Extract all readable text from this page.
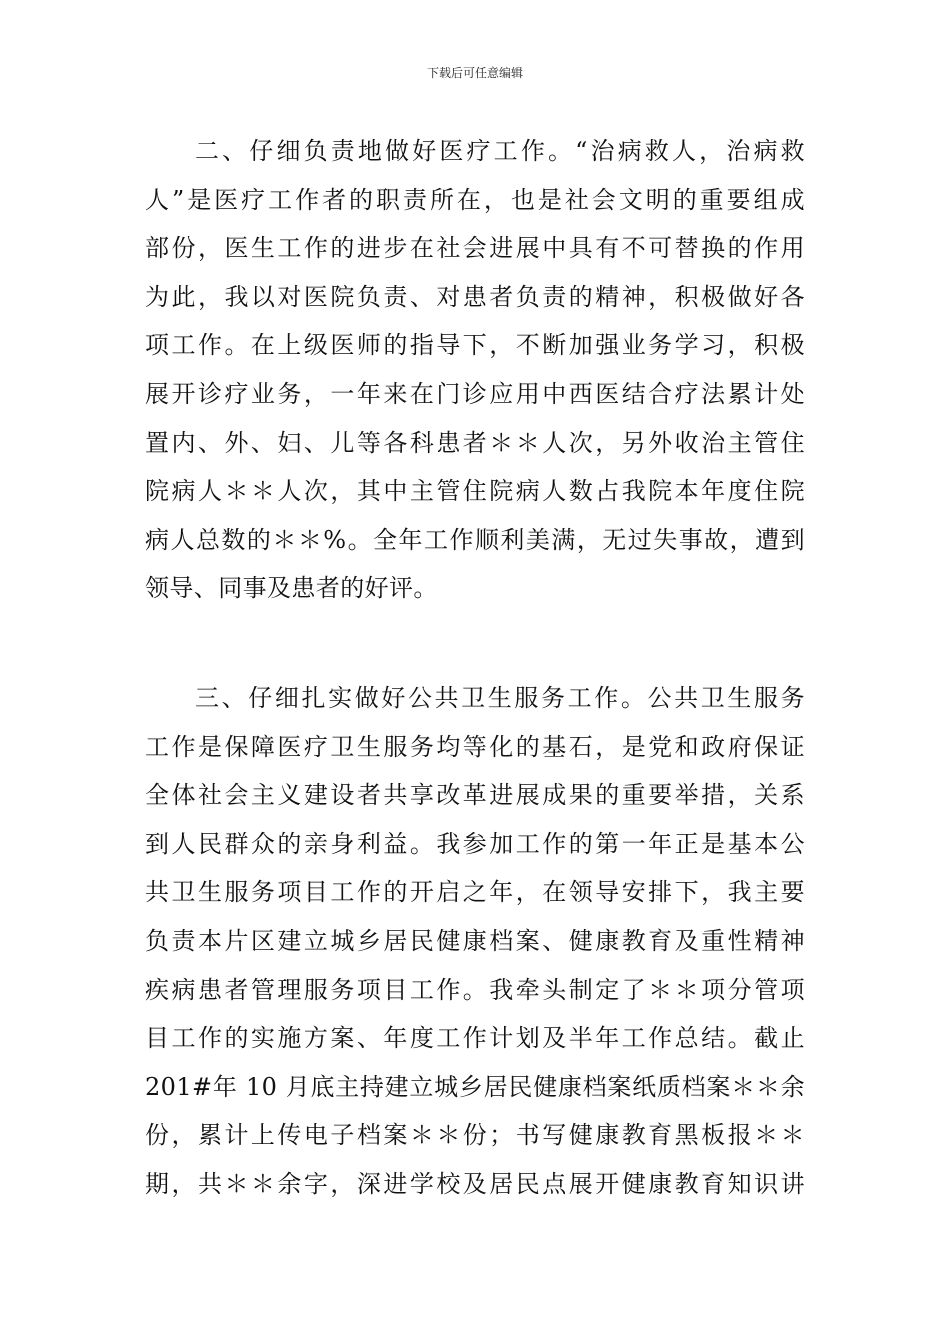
下载后可任意编辑
二、仔细负责地做好医疗工作。“治病救人，治病救
人”是医疗工作者的职责所在，也是社会文明的重要组成
部份，医生工作的进步在社会进展中具有不可替换的作用
为此，我以对医院负责、对患者负责的精神，积极做好各
项工作。在上级医师的指导下，不断加强业务学习，积极
展开诊疗业务，一年来在门诊应用中西医结合疗法累计处
置内、外、妇、儿等各科患者＊＊人次，另外收治主管住
院病人＊＊人次，其中主管住院病人数占我院本年度住院
病人总数的＊＊%。全年工作顺利美满，无过失事故，遭到
领导、同事及患者的好评。
三、仔细扎实做好公共卫生服务工作。公共卫生服务
工作是保障医疗卫生服务均等化的基石，是党和政府保证
全体社会主义建设者共享改革进展成果的重要举措，关系
到人民群众的亲身利益。我参加工作的第一年正是基本公
共卫生服务项目工作的开启之年，在领导安排下，我主要
负责本片区建立城乡居民健康档案、健康教育及重性精神
疾病患者管理服务项目工作。我牵头制定了＊＊项分管项
目工作的实施方案、年度工作计划及半年工作总结。截止
201#年 10 月底主持建立城乡居民健康档案纸质档案＊＊余
份，累计上传电子档案＊＊份；书写健康教育黑板报＊＊
期，共＊＊余字，深进学校及居民点展开健康教育知识讲
